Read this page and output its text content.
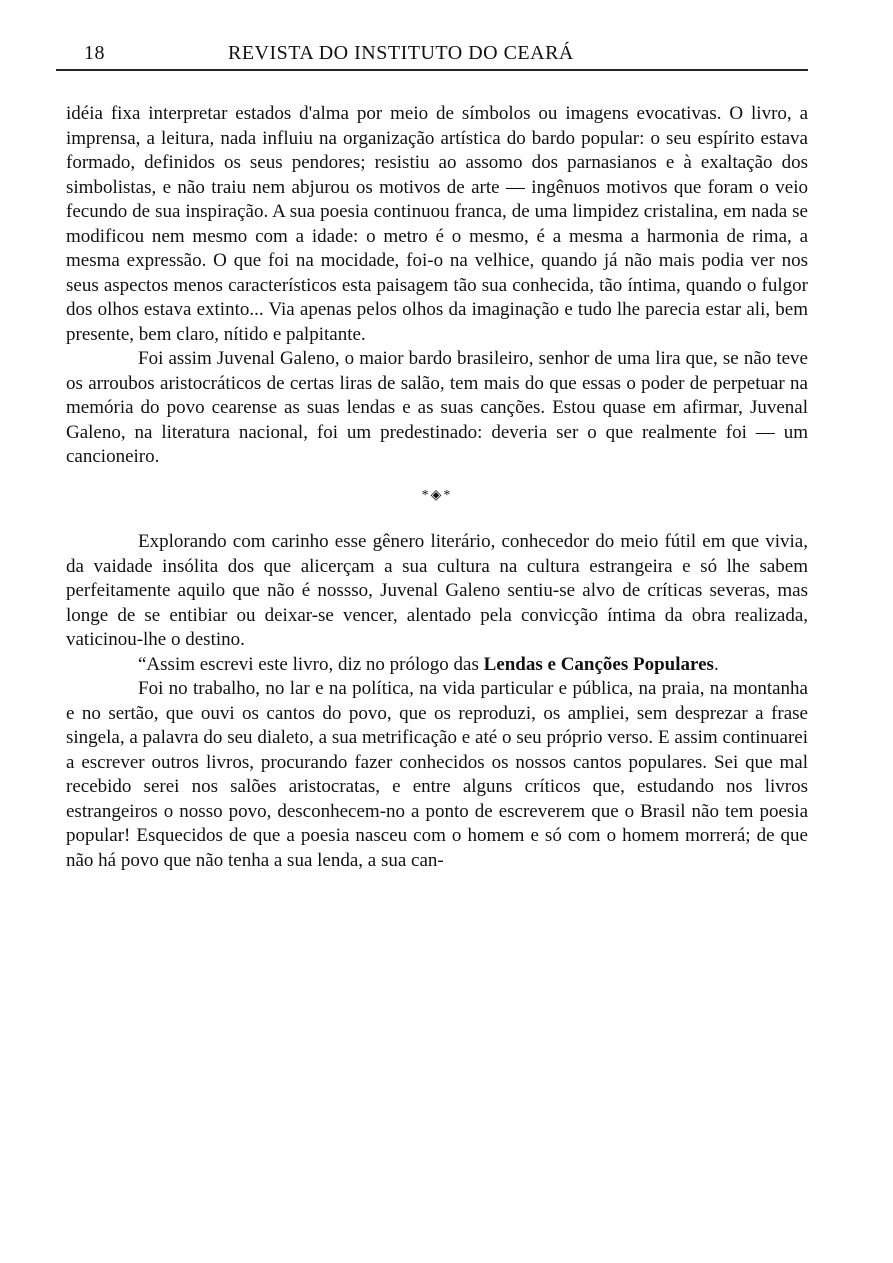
18	REVISTA DO INSTITUTO DO CEARÁ

idéia fixa interpretar estados d'alma por meio de símbolos ou imagens evocativas. O livro, a imprensa, a leitura, nada influiu na organização artística do bardo popular: o seu espírito estava formado, definidos os seus pendores; resistiu ao assomo dos parnasianos e à exaltação dos simbolistas, e não traiu nem abjurou os motivos de arte — ingênuos motivos que foram o veio fecundo de sua inspiração. A sua poesia continuou franca, de uma limpidez cristalina, em nada se modificou nem mesmo com a idade: o metro é o mesmo, é a mesma a harmonia de rima, a mesma expressão. O que foi na mocidade, foi-o na velhice, quando já não mais podia ver nos seus aspectos menos característicos esta paisagem tão sua conhecida, tão íntima, quando o fulgor dos olhos estava extinto... Via apenas pelos olhos da imaginação e tudo lhe parecia estar ali, bem presente, bem claro, nítido e palpitante.

Foi assim Juvenal Galeno, o maior bardo brasileiro, senhor de uma lira que, se não teve os arroubos aristocráticos de certas liras de salão, tem mais do que essas o poder de perpetuar na memória do povo cearense as suas lendas e as suas canções. Estou quase em afirmar, Juvenal Galeno, na literatura nacional, foi um predestinado: deveria ser o que realmente foi — um cancioneiro.

*◈*

Explorando com carinho esse gênero literário, conhecedor do meio fútil em que vivia, da vaidade insólita dos que alicerçam a sua cultura na cultura estrangeira e só lhe sabem perfeitamente aquilo que não é nossso, Juvenal Galeno sentiu-se alvo de críticas severas, mas longe de se entibiar ou deixar-se vencer, alentado pela convicção íntima da obra realizada, vaticinou-lhe o destino.

“Assim escrevi este livro, diz no prólogo das Lendas e Canções Populares.

Foi no trabalho, no lar e na política, na vida particular e pública, na praia, na montanha e no sertão, que ouvi os cantos do povo, que os reproduzi, os ampliei, sem desprezar a frase singela, a palavra do seu dialeto, a sua metrificação e até o seu próprio verso. E assim continuarei a escrever outros livros, procurando fazer conhecidos os nossos cantos populares. Sei que mal recebido serei nos salões aristocratas, e entre alguns críticos que, estudando nos livros estrangeiros o nosso povo, desconhecem-no a ponto de escreverem que o Brasil não tem poesia popular! Esquecidos de que a poesia nasceu com o homem e só com o homem morrerá; de que não há povo que não tenha a sua lenda, a sua can-
